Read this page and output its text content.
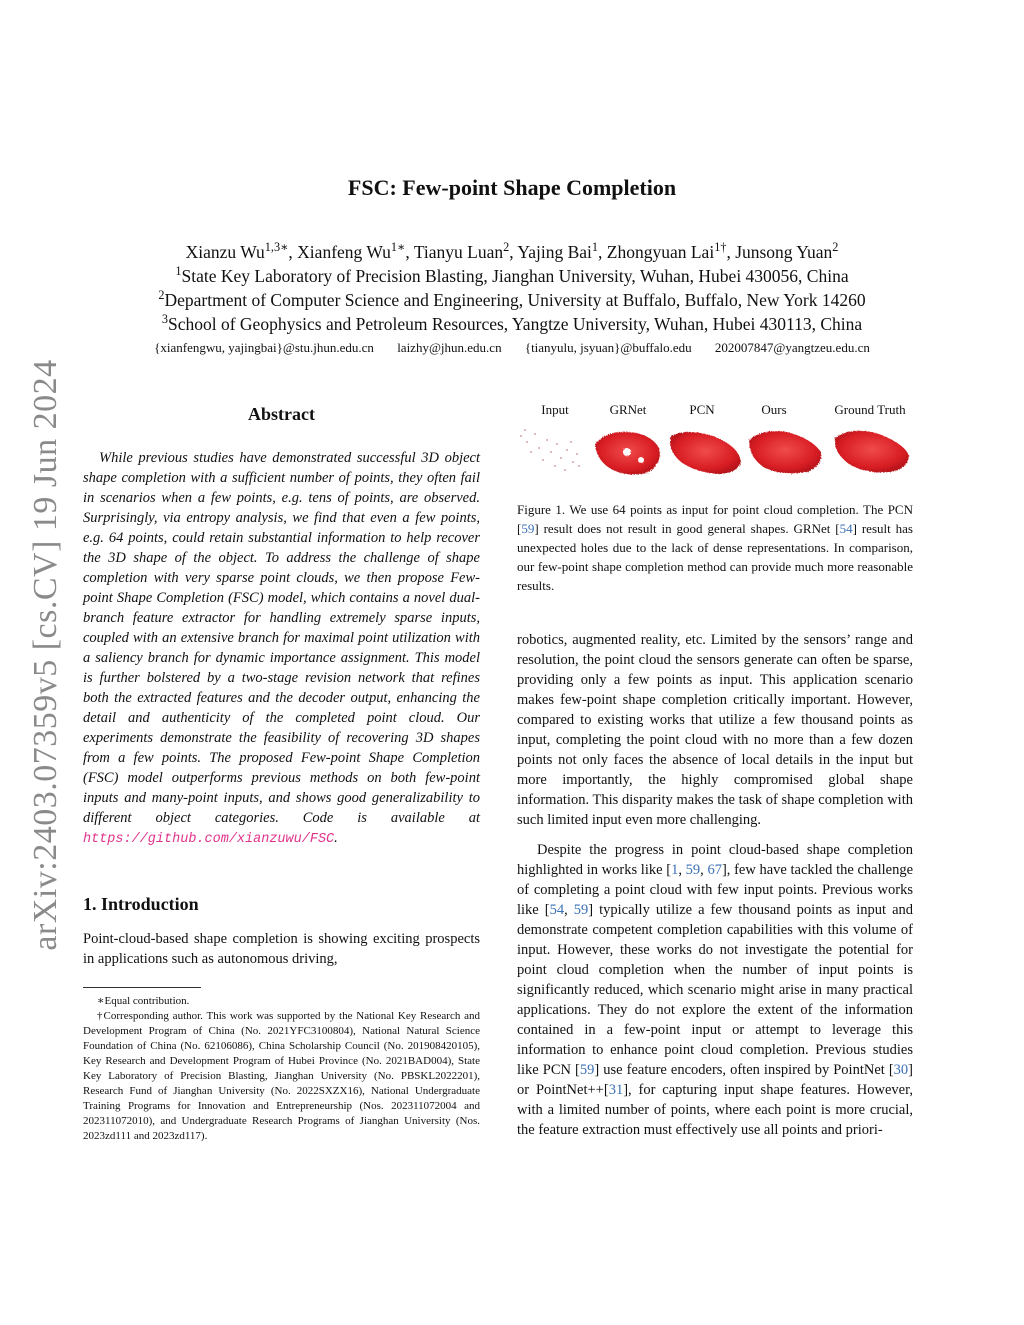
arXiv:2403.07359v5 [cs.CV] 19 Jun 2024
FSC: Few-point Shape Completion
Xianzu $Wu^{1,3∗}$, Xianfeng $Wu^{1∗}$, Tianyu Luan$^2$, Yajing Bai$^1$, Zhongyuan Lai$^{1\dagger}$, Junsong Yuan$^2$
$^1$State Key Laboratory of Precision Blasting, Jianghan University, Wuhan, Hubei 430056, China
$^2$Department of Computer Science and Engineering, University at Buffalo, Buffalo, New York 14260
$^3$School of Geophysics and Petroleum Resources, Yangtze University, Wuhan, Hubei 430113, China
{xianfengwu, yajingbai}@stu.jhun.edu.cn laizhy@jhun.edu.cn {tianyulu, jsyuan}@buffalo.edu 202007847@yangtzeu.edu.cn
Abstract

While previous studies have demonstrated successful 3D object shape completion with a sufficient number of points, they often fail in scenarios when a few points, e.g. tens of points, are observed. Surprisingly, via entropy analysis, we find that even a few points, e.g. 64 points, could retain substantial information to help recover the 3D shape of the object. To address the challenge of shape completion with very sparse point clouds, we then propose Few-point Shape Completion (FSC) model, which contains a novel dual-branch feature extractor for handling extremely sparse inputs, coupled with an extensive branch for maximal point utilization with a saliency branch for dynamic importance assignment. This model is further bolstered by a two-stage revision network that refines both the extracted features and the decoder output, enhancing the detail and authenticity of the completed point cloud. Our experiments demonstrate the feasibility of recovering 3D shapes from a few points. The proposed Few-point Shape Completion (FSC) model outperforms previous methods on both few-point inputs and many-point inputs, and shows good generalizability to different object categories. Code is available at https://github.com/xianzuwu/FSC.

1. Introduction

Point-cloud-based shape completion is showing exciting prospects in applications such as autonomous driving,

∗Equal contribution.

†Corresponding author. This work was supported by the National Key Research and Development Program of China (No. 2021YFC3100804), National Natural Science Foundation of China (No. 62106086), China Scholarship Council (No. 201908420105), Key Research and Development Program of Hubei Province (No. 2021BAD004), State Key Laboratory of Precision Blasting, Jianghan University (No. PBSKL2022201), Research Fund of Jianghan University (No. 2022SXZX16), National Undergraduate Training Programs for Innovation and Entrepreneurship (Nos. 202311072004 and 202311072010), and Undergraduate Research Programs of Jianghan University (Nos. 2023zd111 and 2023zd117).

Input	GRNet	PCN	Ours	Ground Truth

Figure 1. We use 64 points as input for point cloud completion. The PCN [59] result does not result in good general shapes. GRNet [54] result has unexpected holes due to the lack of dense representations. In comparison, our few-point shape completion method can provide much more reasonable results.

robotics, augmented reality, etc. Limited by the sensors’ range and resolution, the point cloud the sensors generate can often be sparse, providing only a few points as input. This application scenario makes few-point shape completion critically important. However, compared to existing works that utilize a few thousand points as input, completing the point cloud with no more than a few dozen points not only faces the absence of local details in the input but more importantly, the highly compromised global shape information. This disparity makes the task of shape completion with such limited input even more challenging.

Despite the progress in point cloud-based shape completion highlighted in works like [1, 59, 67], few have tackled the challenge of completing a point cloud with few input points. Previous works like [54, 59] typically utilize a few thousand points as input and demonstrate competent completion capabilities with this volume of input. However, these works do not investigate the potential for point cloud completion when the number of input points is significantly reduced, which scenario might arise in many practical applications. They do not explore the extent of the information contained in a few-point input or attempt to leverage this information to enhance point cloud completion. Previous studies like PCN [59] use feature encoders, often inspired by PointNet [30] or PointNet++[31], for capturing input shape features. However, with a limited number of points, where each point is more crucial, the feature extraction must effectively use all points and priori-
